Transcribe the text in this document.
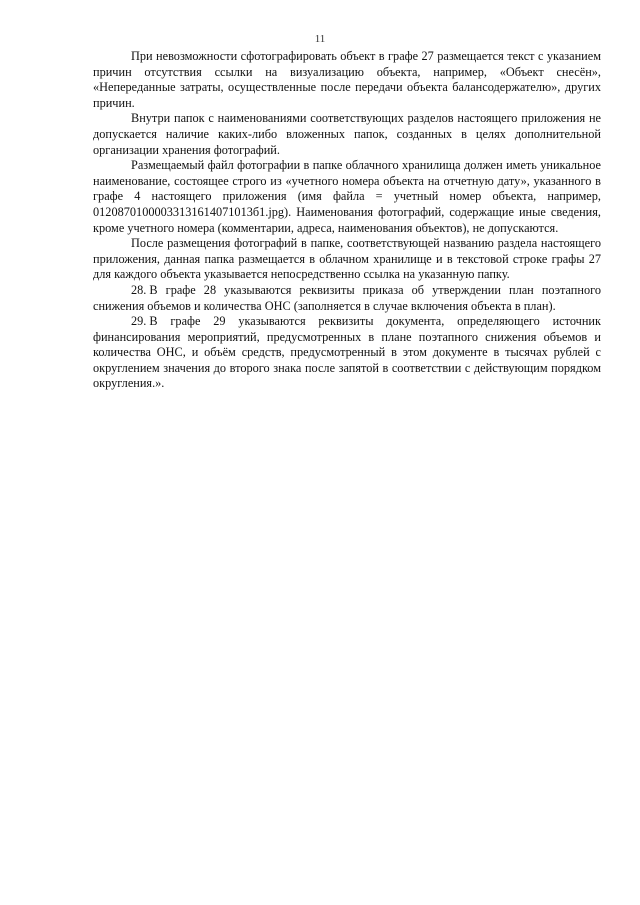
11

При невозможности сфотографировать объект в графе 27 размещается текст с указанием причин отсутствия ссылки на визуализацию объекта, например, «Объект снесён», «Непереданные затраты, осуществленные после передачи объекта балансодержателю», других причин.

Внутри папок с наименованиями соответствующих разделов настоящего приложения не допускается наличие каких-либо вложенных папок, созданных в целях дополнительной организации хранения фотографий.

Размещаемый файл фотографии в папке облачного хранилища должен иметь уникальное наименование, состоящее строго из «учетного номера объекта на отчетную дату», указанного в графе 4 настоящего приложения (имя файла = учетный номер объекта, например, 01208701000033131614071013б1.jpg). Наименования фотографий, содержащие иные сведения, кроме учетного номера (комментарии, адреса, наименования объектов), не допускаются.

После размещения фотографий в папке, соответствующей названию раздела настоящего приложения, данная папка размещается в облачном хранилище и в текстовой строке графы 27 для каждого объекта указывается непосредственно ссылка на указанную папку.

28. В графе 28 указываются реквизиты приказа об утверждении план поэтапного снижения объемов и количества ОНС (заполняется в случае включения объекта в план).

29. В графе 29 указываются реквизиты документа, определяющего источник финансирования мероприятий, предусмотренных в плане поэтапного снижения объемов и количества ОНС, и объём средств, предусмотренный в этом документе в тысячах рублей с округлением значения до второго знака после запятой в соответствии с действующим порядком округления.».
